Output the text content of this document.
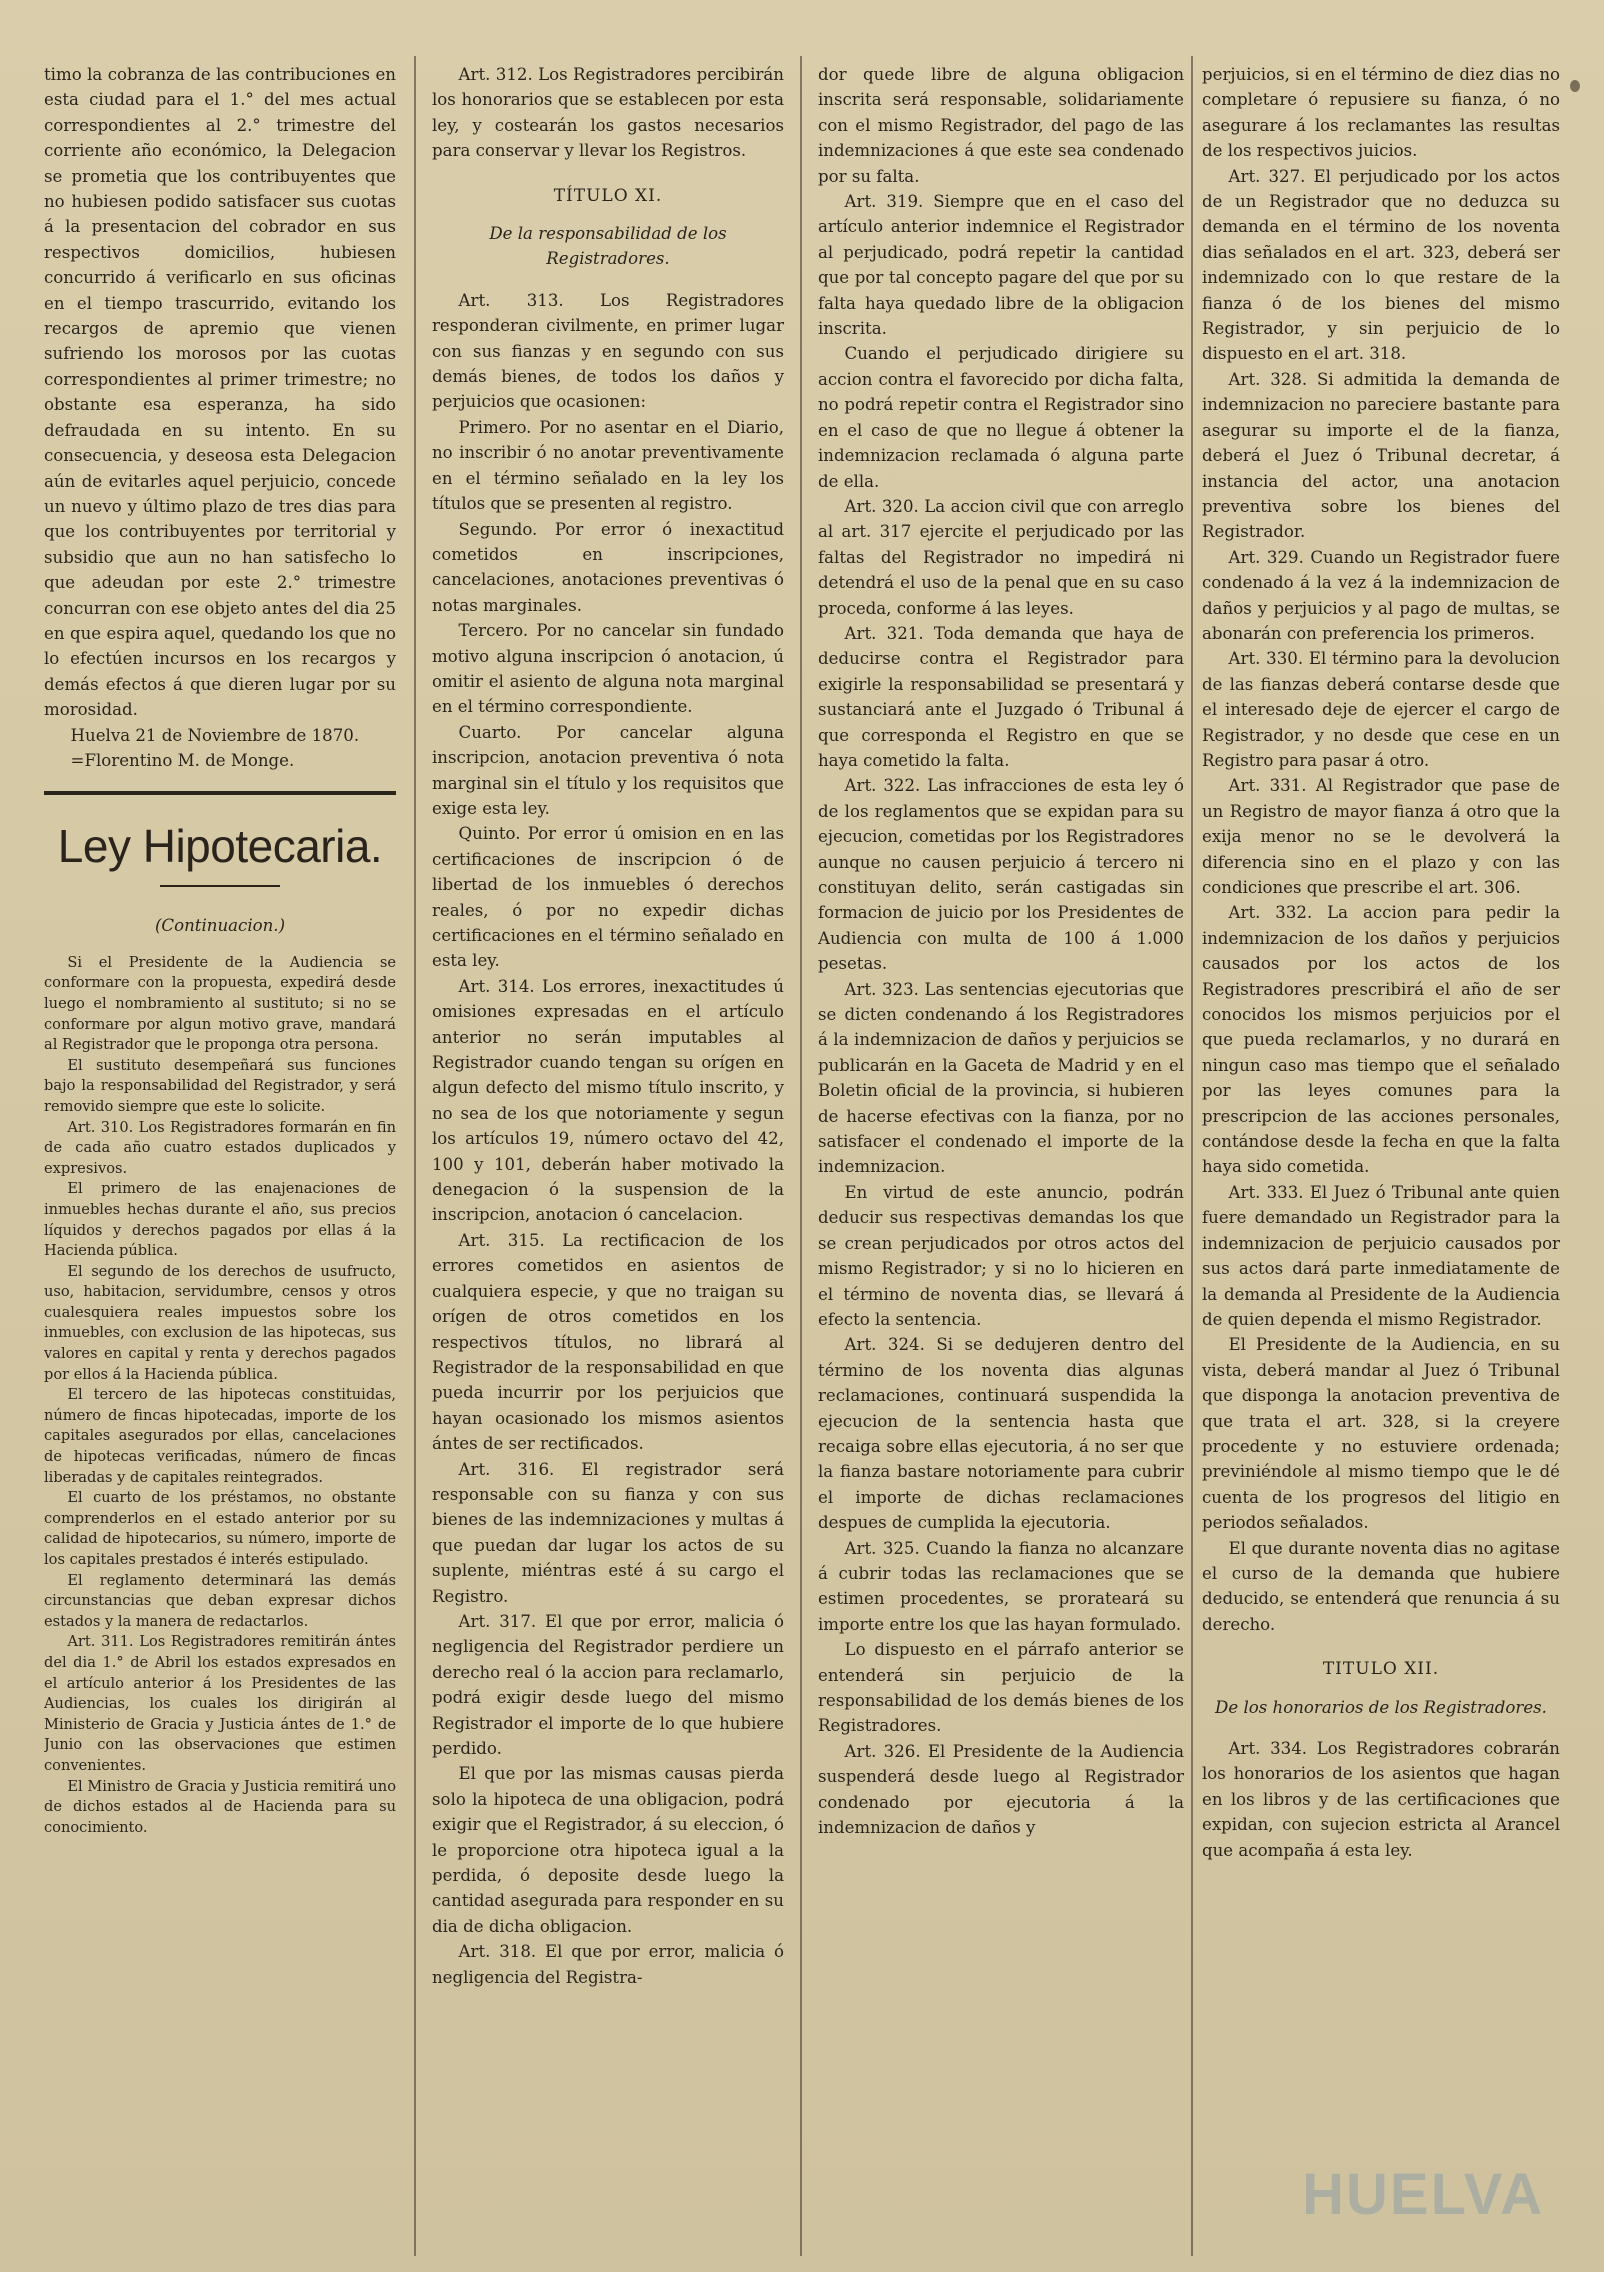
timo la cobranza de las contribuciones en esta ciudad para el 1.° del mes actual correspondientes al 2.° trimestre del corriente año económico, la Delegacion se prometia que los contribuyentes que no hubiesen podido satisfacer sus cuotas á la presentacion del cobrador en sus respectivos domicilios, hubiesen concurrido á verificarlo en sus oficinas en el tiempo trascurrido, evitando los recargos de apremio que vienen sufriendo los morosos por las cuotas correspondientes al primer trimestre; no obstante esa esperanza, ha sido defraudada en su intento. En su consecuencia, y deseosa esta Delegacion aún de evitarles aquel perjuicio, concede un nuevo y último plazo de tres dias para que los contribuyentes por territorial y subsidio que aun no han satisfecho lo que adeudan por este 2.° trimestre concurran con ese objeto antes del dia 25 en que espira aquel, quedando los que no lo efectúen incursos en los recargos y demás efectos á que dieren lugar por su morosidad.

Huelva 21 de Noviembre de 1870.

=Florentino M. de Monge.

Ley Hipotecaria.

(Continuacion.)

Si el Presidente de la Audiencia se conformare con la propuesta, expedirá desde luego el nombramiento al sustituto; si no se conformare por algun motivo grave, mandará al Registrador que le proponga otra persona.

El sustituto desempeñará sus funciones bajo la responsabilidad del Registrador, y será removido siempre que este lo solicite.

Art. 310. Los Registradores formarán en fin de cada año cuatro estados duplicados y expresivos.

El primero de las enajenaciones de inmuebles hechas durante el año, sus precios líquidos y derechos pagados por ellas á la Hacienda pública.

El segundo de los derechos de usufructo, uso, habitacion, servidumbre, censos y otros cualesquiera reales impuestos sobre los inmuebles, con exclusion de las hipotecas, sus valores en capital y renta y derechos pagados por ellos á la Hacienda pública.

El tercero de las hipotecas constituidas, número de fincas hipotecadas, importe de los capitales asegurados por ellas, cancelaciones de hipotecas verificadas, número de fincas liberadas y de capitales reintegrados.

El cuarto de los préstamos, no obstante comprenderlos en el estado anterior por su calidad de hipotecarios, su número, importe de los capitales prestados é interés estipulado.

El reglamento determinará las demás circunstancias que deban expresar dichos estados y la manera de redactarlos.

Art. 311. Los Registradores remitirán ántes del dia 1.° de Abril los estados expresados en el artículo anterior á los Presidentes de las Audiencias, los cuales los dirigirán al Ministerio de Gracia y Justicia ántes de 1.° de Junio con las observaciones que estimen convenientes.

El Ministro de Gracia y Justicia remitirá uno de dichos estados al de Hacienda para su conocimiento.

Art. 312. Los Registradores percibirán los honorarios que se establecen por esta ley, y costearán los gastos necesarios para conservar y llevar los Registros.

TÍTULO XI.

De la responsabilidad de los Registradores.

Art. 313. Los Registradores responderan civilmente, en primer lugar con sus fianzas y en segundo con sus demás bienes, de todos los daños y perjuicios que ocasionen:

Primero. Por no asentar en el Diario, no inscribir ó no anotar preventivamente en el término señalado en la ley los títulos que se presenten al registro.

Segundo. Por error ó inexactitud cometidos en inscripciones, cancelaciones, anotaciones preventivas ó notas marginales.

Tercero. Por no cancelar sin fundado motivo alguna inscripcion ó anotacion, ú omitir el asiento de alguna nota marginal en el término correspondiente.

Cuarto. Por cancelar alguna inscripcion, anotacion preventiva ó nota marginal sin el título y los requisitos que exige esta ley.

Quinto. Por error ú omision en en las certificaciones de inscripcion ó de libertad de los inmuebles ó derechos reales, ó por no expedir dichas certificaciones en el término señalado en esta ley.

Art. 314. Los errores, inexactitudes ú omisiones expresadas en el artículo anterior no serán imputables al Registrador cuando tengan su orígen en algun defecto del mismo título inscrito, y no sea de los que notoriamente y segun los artículos 19, número octavo del 42, 100 y 101, deberán haber motivado la denegacion ó la suspension de la inscripcion, anotacion ó cancelacion.

Art. 315. La rectificacion de los errores cometidos en asientos de cualquiera especie, y que no traigan su orígen de otros cometidos en los respectivos títulos, no librará al Registrador de la responsabilidad en que pueda incurrir por los perjuicios que hayan ocasionado los mismos asientos ántes de ser rectificados.

Art. 316. El registrador será responsable con su fianza y con sus bienes de las indemnizaciones y multas á que puedan dar lugar los actos de su suplente, miéntras esté á su cargo el Registro.

Art. 317. El que por error, malicia ó negligencia del Registrador perdiere un derecho real ó la accion para reclamarlo, podrá exigir desde luego del mismo Registrador el importe de lo que hubiere perdido.

El que por las mismas causas pierda solo la hipoteca de una obligacion, podrá exigir que el Registrador, á su eleccion, ó le proporcione otra hipoteca igual a la perdida, ó deposite desde luego la cantidad asegurada para responder en su dia de dicha obligacion.

Art. 318. El que por error, malicia ó negligencia del Registra-

dor quede libre de alguna obligacion inscrita será responsable, solidariamente con el mismo Registrador, del pago de las indemnizaciones á que este sea condenado por su falta.

Art. 319. Siempre que en el caso del artículo anterior indemnice el Registrador al perjudicado, podrá repetir la cantidad que por tal concepto pagare del que por su falta haya quedado libre de la obligacion inscrita.

Cuando el perjudicado dirigiere su accion contra el favorecido por dicha falta, no podrá repetir contra el Registrador sino en el caso de que no llegue á obtener la indemnizacion reclamada ó alguna parte de ella.

Art. 320. La accion civil que con arreglo al art. 317 ejercite el perjudicado por las faltas del Registrador no impedirá ni detendrá el uso de la penal que en su caso proceda, conforme á las leyes.

Art. 321. Toda demanda que haya de deducirse contra el Registrador para exigirle la responsabilidad se presentará y sustanciará ante el Juzgado ó Tribunal á que corresponda el Registro en que se haya cometido la falta.

Art. 322. Las infracciones de esta ley ó de los reglamentos que se expidan para su ejecucion, cometidas por los Registradores aunque no causen perjuicio á tercero ni constituyan delito, serán castigadas sin formacion de juicio por los Presidentes de Audiencia con multa de 100 á 1.000 pesetas.

Art. 323. Las sentencias ejecutorias que se dicten condenando á los Registradores á la indemnizacion de daños y perjuicios se publicarán en la Gaceta de Madrid y en el Boletin oficial de la provincia, si hubieren de hacerse efectivas con la fianza, por no satisfacer el condenado el importe de la indemnizacion.

En virtud de este anuncio, podrán deducir sus respectivas demandas los que se crean perjudicados por otros actos del mismo Registrador; y si no lo hicieren en el término de noventa dias, se llevará á efecto la sentencia.

Art. 324. Si se dedujeren dentro del término de los noventa dias algunas reclamaciones, continuará suspendida la ejecucion de la sentencia hasta que recaiga sobre ellas ejecutoria, á no ser que la fianza bastare notoriamente para cubrir el importe de dichas reclamaciones despues de cumplida la ejecutoria.

Art. 325. Cuando la fianza no alcanzare á cubrir todas las reclamaciones que se estimen procedentes, se prorateará su importe entre los que las hayan formulado.

Lo dispuesto en el párrafo anterior se entenderá sin perjuicio de la responsabilidad de los demás bienes de los Registradores.

Art. 326. El Presidente de la Audiencia suspenderá desde luego al Registrador condenado por ejecutoria á la indemnizacion de daños y

perjuicios, si en el término de diez dias no completare ó repusiere su fianza, ó no asegurare á los reclamantes las resultas de los respectivos juicios.

Art. 327. El perjudicado por los actos de un Registrador que no deduzca su demanda en el término de los noventa dias señalados en el art. 323, deberá ser indemnizado con lo que restare de la fianza ó de los bienes del mismo Registrador, y sin perjuicio de lo dispuesto en el art. 318.

Art. 328. Si admitida la demanda de indemnizacion no pareciere bastante para asegurar su importe el de la fianza, deberá el Juez ó Tribunal decretar, á instancia del actor, una anotacion preventiva sobre los bienes del Registrador.

Art. 329. Cuando un Registrador fuere condenado á la vez á la indemnizacion de daños y perjuicios y al pago de multas, se abonarán con preferencia los primeros.

Art. 330. El término para la devolucion de las fianzas deberá contarse desde que el interesado deje de ejercer el cargo de Registrador, y no desde que cese en un Registro para pasar á otro.

Art. 331. Al Registrador que pase de un Registro de mayor fianza á otro que la exija menor no se le devolverá la diferencia sino en el plazo y con las condiciones que prescribe el art. 306.

Art. 332. La accion para pedir la indemnizacion de los daños y perjuicios causados por los actos de los Registradores prescribirá el año de ser conocidos los mismos perjuicios por el que pueda reclamarlos, y no durará en ningun caso mas tiempo que el señalado por las leyes comunes para la prescripcion de las acciones personales, contándose desde la fecha en que la falta haya sido cometida.

Art. 333. El Juez ó Tribunal ante quien fuere demandado un Registrador para la indemnizacion de perjuicio causados por sus actos dará parte inmediatamente de la demanda al Presidente de la Audiencia de quien dependa el mismo Registrador.

El Presidente de la Audiencia, en su vista, deberá mandar al Juez ó Tribunal que disponga la anotacion preventiva de que trata el art. 328, si la creyere procedente y no estuviere ordenada; previniéndole al mismo tiempo que le dé cuenta de los progresos del litigio en periodos señalados.

El que durante noventa dias no agitase el curso de la demanda que hubiere deducido, se entenderá que renuncia á su derecho.

TITULO XII.

De los honorarios de los Registradores.

Art. 334. Los Registradores cobrarán los honorarios de los asientos que hagan en los libros y de las certificaciones que expidan, con sujecion estricta al Arancel que acompaña á esta ley.

HUELVA
